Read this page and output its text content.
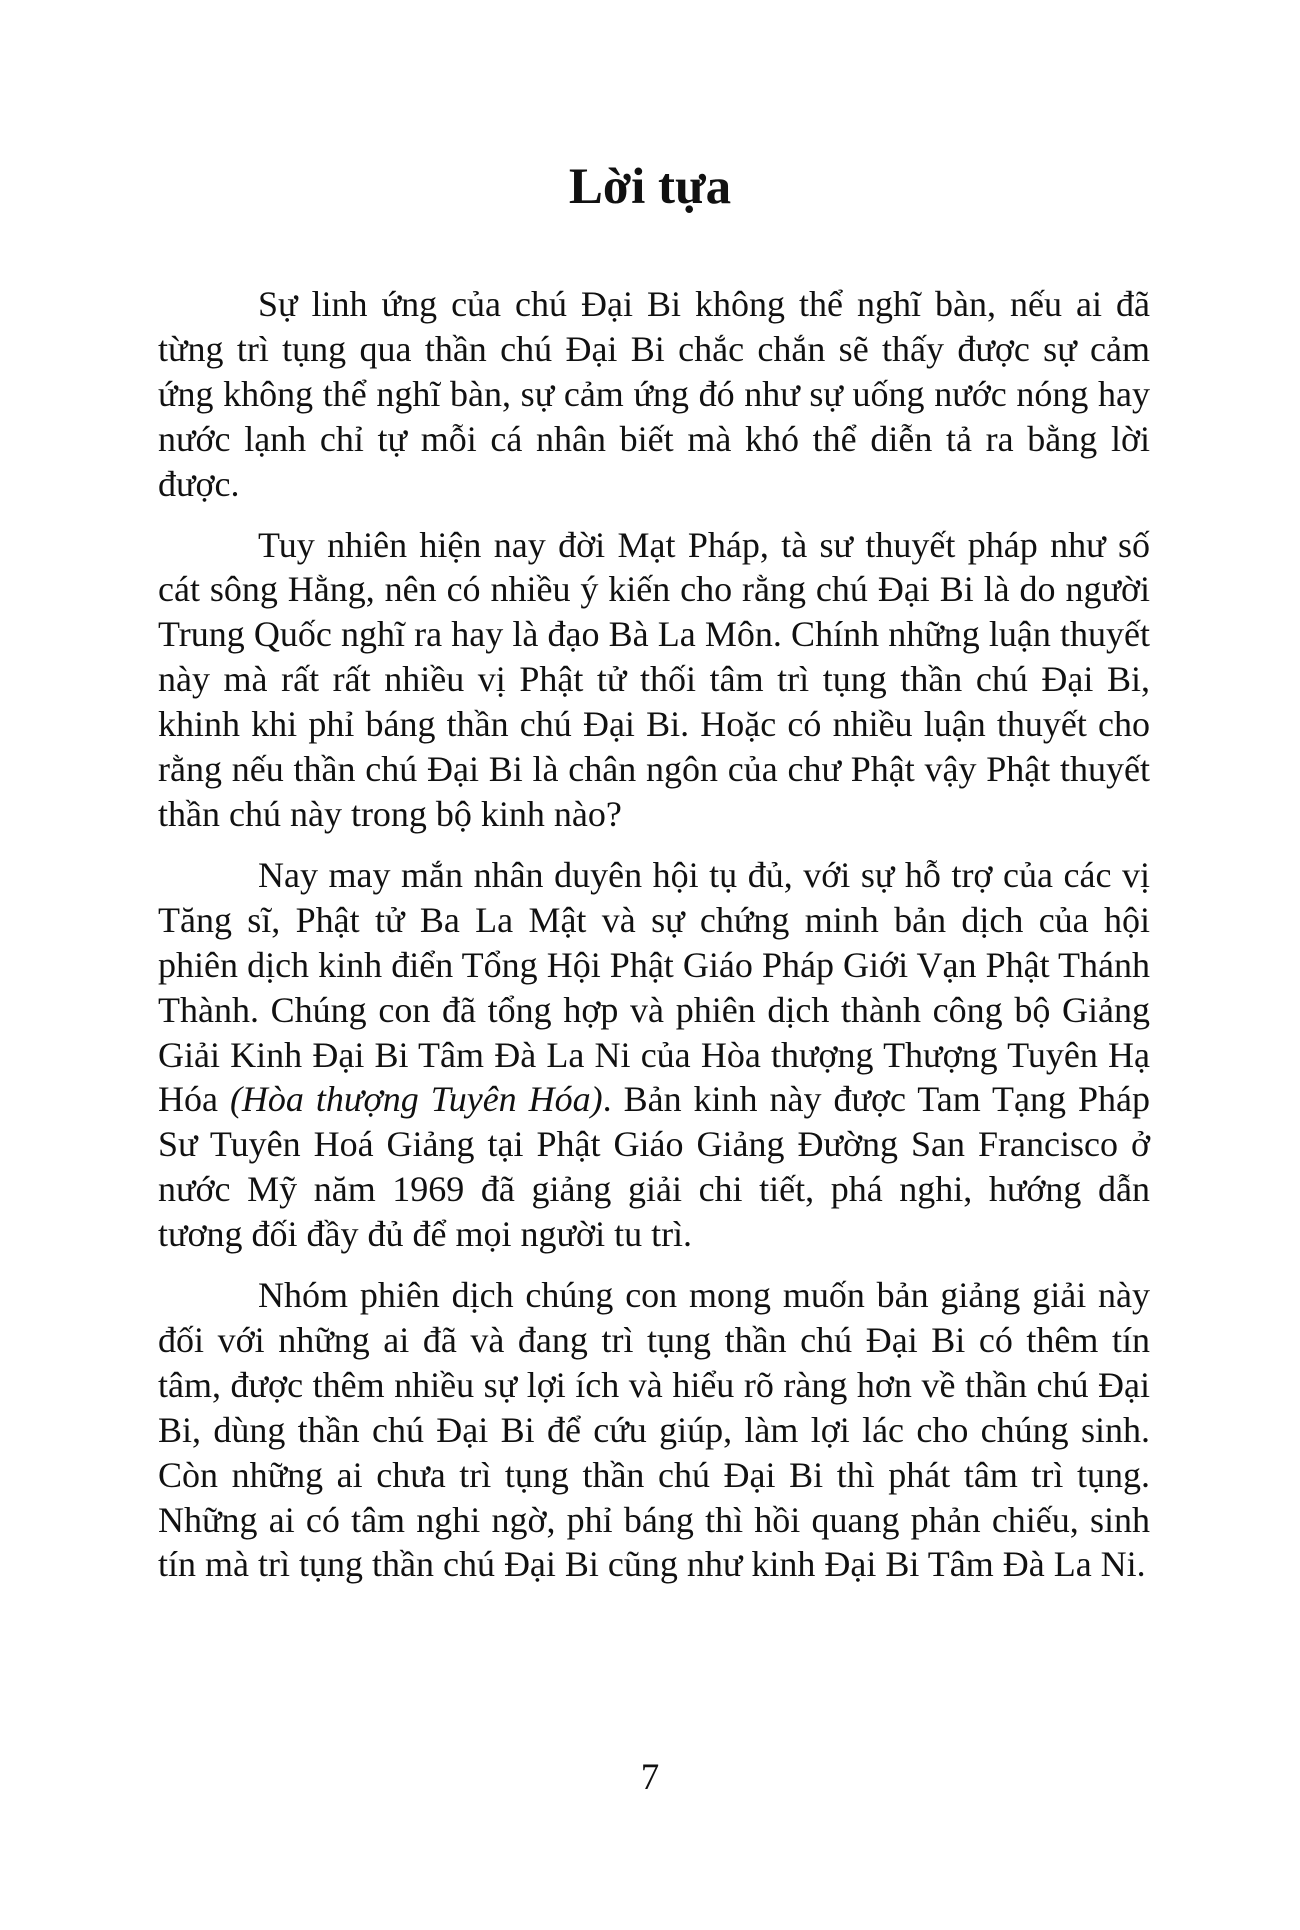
Lời tựa

Sự linh ứng của chú Đại Bi không thể nghĩ bàn, nếu ai đã từng trì tụng qua thần chú Đại Bi chắc chắn sẽ thấy được sự cảm ứng không thể nghĩ bàn, sự cảm ứng đó như sự uống nước nóng hay nước lạnh chỉ tự mỗi cá nhân biết mà khó thể diễn tả ra bằng lời được.

Tuy nhiên hiện nay đời Mạt Pháp, tà sư thuyết pháp như số cát sông Hằng, nên có nhiều ý kiến cho rằng chú Đại Bi là do người Trung Quốc nghĩ ra hay là đạo Bà La Môn. Chính những luận thuyết này mà rất rất nhiều vị Phật tử thối tâm trì tụng thần chú Đại Bi, khinh khi phỉ báng thần chú Đại Bi. Hoặc có nhiều luận thuyết cho rằng nếu thần chú Đại Bi là chân ngôn của chư Phật vậy Phật thuyết thần chú này trong bộ kinh nào?

Nay may mắn nhân duyên hội tụ đủ, với sự hỗ trợ của các vị Tăng sĩ, Phật tử Ba La Mật và sự chứng minh bản dịch của hội phiên dịch kinh điển Tổng Hội Phật Giáo Pháp Giới Vạn Phật Thánh Thành. Chúng con đã tổng hợp và phiên dịch thành công bộ Giảng Giải Kinh Đại Bi Tâm Đà La Ni của Hòa thượng Thượng Tuyên Hạ Hóa (Hòa thượng Tuyên Hóa). Bản kinh này được Tam Tạng Pháp Sư Tuyên Hoá Giảng tại Phật Giáo Giảng Đường San Francisco ở nước Mỹ năm 1969 đã giảng giải chi tiết, phá nghi, hướng dẫn tương đối đầy đủ để mọi người tu trì.

Nhóm phiên dịch chúng con mong muốn bản giảng giải này đối với những ai đã và đang trì tụng thần chú Đại Bi có thêm tín tâm, được thêm nhiều sự lợi ích và hiểu rõ ràng hơn về thần chú Đại Bi, dùng thần chú Đại Bi để cứu giúp, làm lợi lác cho chúng sinh. Còn những ai chưa trì tụng thần chú Đại Bi thì phát tâm trì tụng. Những ai có tâm nghi ngờ, phỉ báng thì hồi quang phản chiếu, sinh tín mà trì tụng thần chú Đại Bi cũng như kinh Đại Bi Tâm Đà La Ni.

7
